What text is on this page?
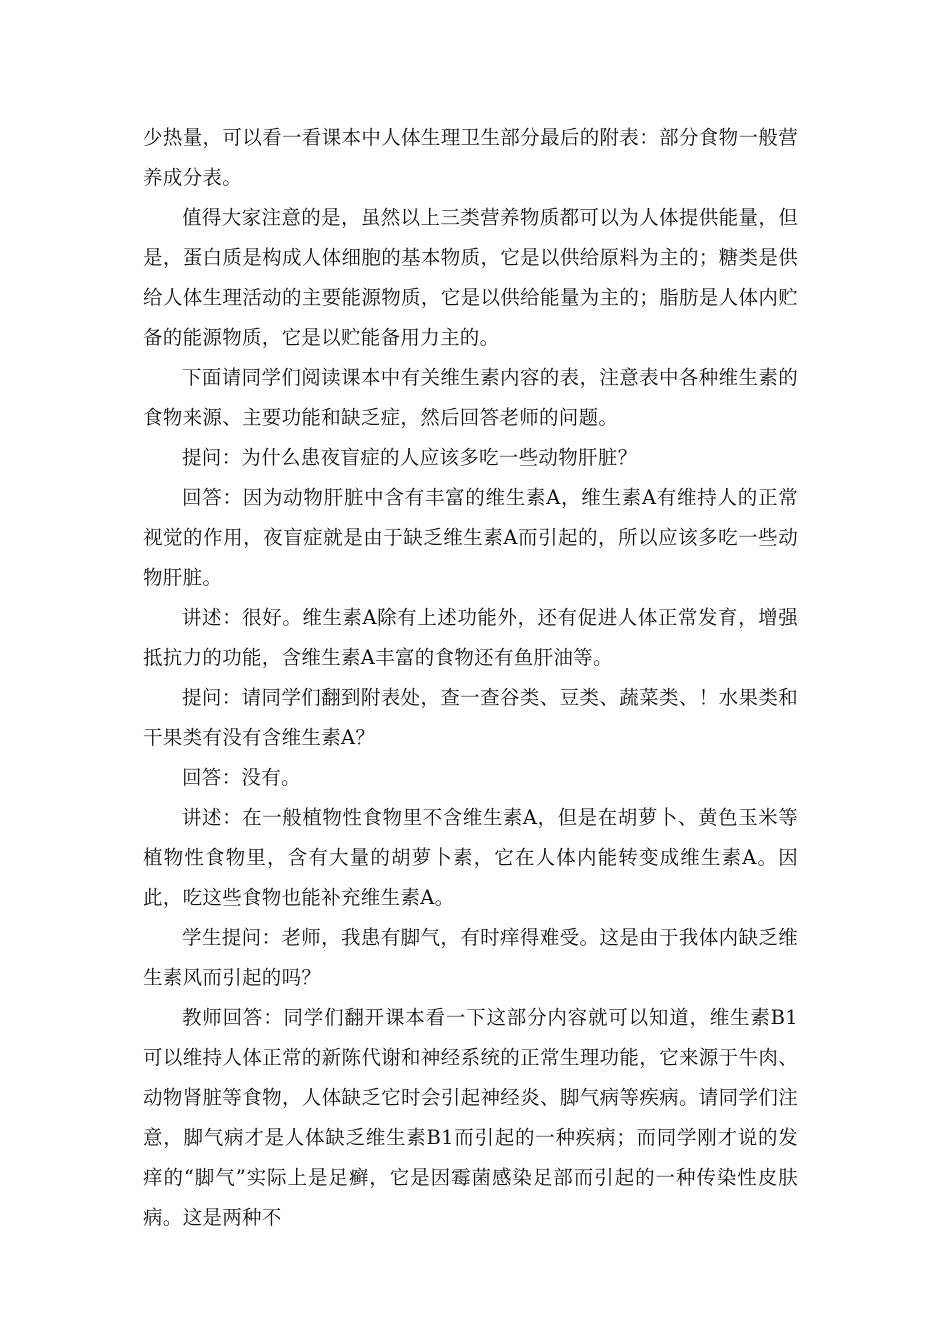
少热量，可以看一看课本中人体生理卫生部分最后的附表：部分食物一般营养成分表。

值得大家注意的是，虽然以上三类营养物质都可以为人体提供能量，但是，蛋白质是构成人体细胞的基本物质，它是以供给原料为主的；糖类是供给人体生理活动的主要能源物质，它是以供给能量为主的；脂肪是人体内贮备的能源物质，它是以贮能备用力主的。

下面请同学们阅读课本中有关维生素内容的表，注意表中各种维生素的食物来源、主要功能和缺乏症，然后回答老师的问题。

提问：为什么患夜盲症的人应该多吃一些动物肝脏？

回答：因为动物肝脏中含有丰富的维生素A，维生素A有维持人的正常视觉的作用，夜盲症就是由于缺乏维生素A而引起的，所以应该多吃一些动物肝脏。

讲述：很好。维生素A除有上述功能外，还有促进人体正常发育，增强抵抗力的功能，含维生素A丰富的食物还有鱼肝油等。

提问：请同学们翻到附表处，查一查谷类、豆类、蔬菜类、！水果类和干果类有没有含维生素A？

回答：没有。

讲述：在一般植物性食物里不含维生素A，但是在胡萝卜、黄色玉米等植物性食物里，含有大量的胡萝卜素，它在人体内能转变成维生素A。因此，吃这些食物也能补充维生素A。

学生提问：老师，我患有脚气，有时痒得难受。这是由于我体内缺乏维生素风而引起的吗？

教师回答：同学们翻开课本看一下这部分内容就可以知道，维生素B1可以维持人体正常的新陈代谢和神经系统的正常生理功能，它来源于牛肉、动物肾脏等食物，人体缺乏它时会引起神经炎、脚气病等疾病。请同学们注意，脚气病才是人体缺乏维生素B1而引起的一种疾病；而同学刚才说的发痒的“脚气”实际上是足癣，它是因霉菌感染足部而引起的一种传染性皮肤病。这是两种不
